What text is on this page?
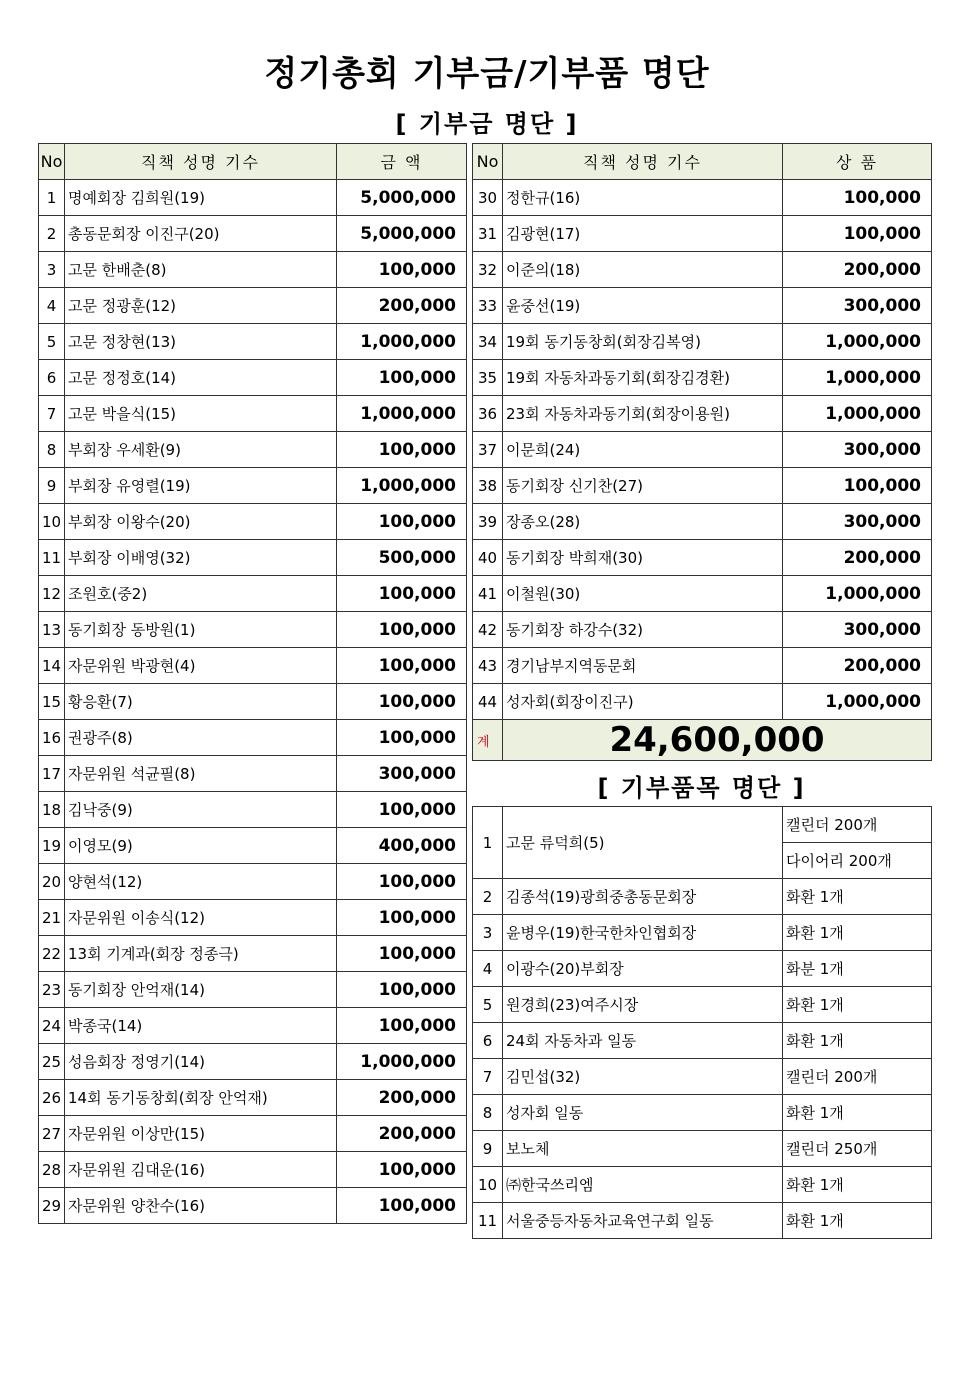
정기총회 기부금/기부품 명단
[ 기부금 명단 ]
No	직책 성명 기수	금 액
1	명예회장 김희원(19)	5,000,000
2	총동문회장 이진구(20)	5,000,000
3	고문 한배춘(8)	100,000
4	고문 정광훈(12)	200,000
5	고문 정창현(13)	1,000,000
6	고문 정정호(14)	100,000
7	고문 박을식(15)	1,000,000
8	부회장 우세환(9)	100,000
9	부회장 유영렬(19)	1,000,000
10	부회장 이왕수(20)	100,000
11	부회장 이배영(32)	500,000
12	조원호(중2)	100,000
13	동기회장 동방원(1)	100,000
14	자문위원 박광현(4)	100,000
15	황응환(7)	100,000
16	권광주(8)	100,000
17	자문위원 석균필(8)	300,000
18	김낙중(9)	100,000
19	이영모(9)	400,000
20	양현석(12)	100,000
21	자문위원 이송식(12)	100,000
22	13회 기계과(회장 정종극)	100,000
23	동기회장 안억재(14)	100,000
24	박종국(14)	100,000
25	성음회장 정영기(14)	1,000,000
26	14회 동기동창회(회장 안억재)	200,000
27	자문위원 이상만(15)	200,000
28	자문위원 김대운(16)	100,000
29	자문위원 양찬수(16)	100,000
No	직책 성명 기수	상 품
30	정한규(16)	100,000
31	김광현(17)	100,000
32	이준의(18)	200,000
33	윤중선(19)	300,000
34	19회 동기동창회(회장김복영)	1,000,000
35	19회 자동차과동기회(회장김경환)	1,000,000
36	23회 자동차과동기회(회장이용원)	1,000,000
37	이문희(24)	300,000
38	동기회장 신기찬(27)	100,000
39	장종오(28)	300,000
40	동기회장 박희재(30)	200,000
41	이철원(30)	1,000,000
42	동기회장 하강수(32)	300,000
43	경기남부지역동문회	200,000
44	성자회(회장이진구)	1,000,000
계	24,600,000	
[ 기부품목 명단 ]
1	고문 류덕희(5)	캘린더 200개
		다이어리 200개
2	김종석(19)광희중총동문회장	화환 1개
3	윤병우(19)한국한차인협회장	화환 1개
4	이광수(20)부회장	화분 1개
5	원경희(23)여주시장	화환 1개
6	24회 자동차과 일동	화환 1개
7	김민섭(32)	캘린더 200개
8	성자회 일동	화환 1개
9	보노체	캘린더 250개
10	㈜한국쓰리엠	화환 1개
11	서울중등자동차교육연구회 일동	화환 1개
